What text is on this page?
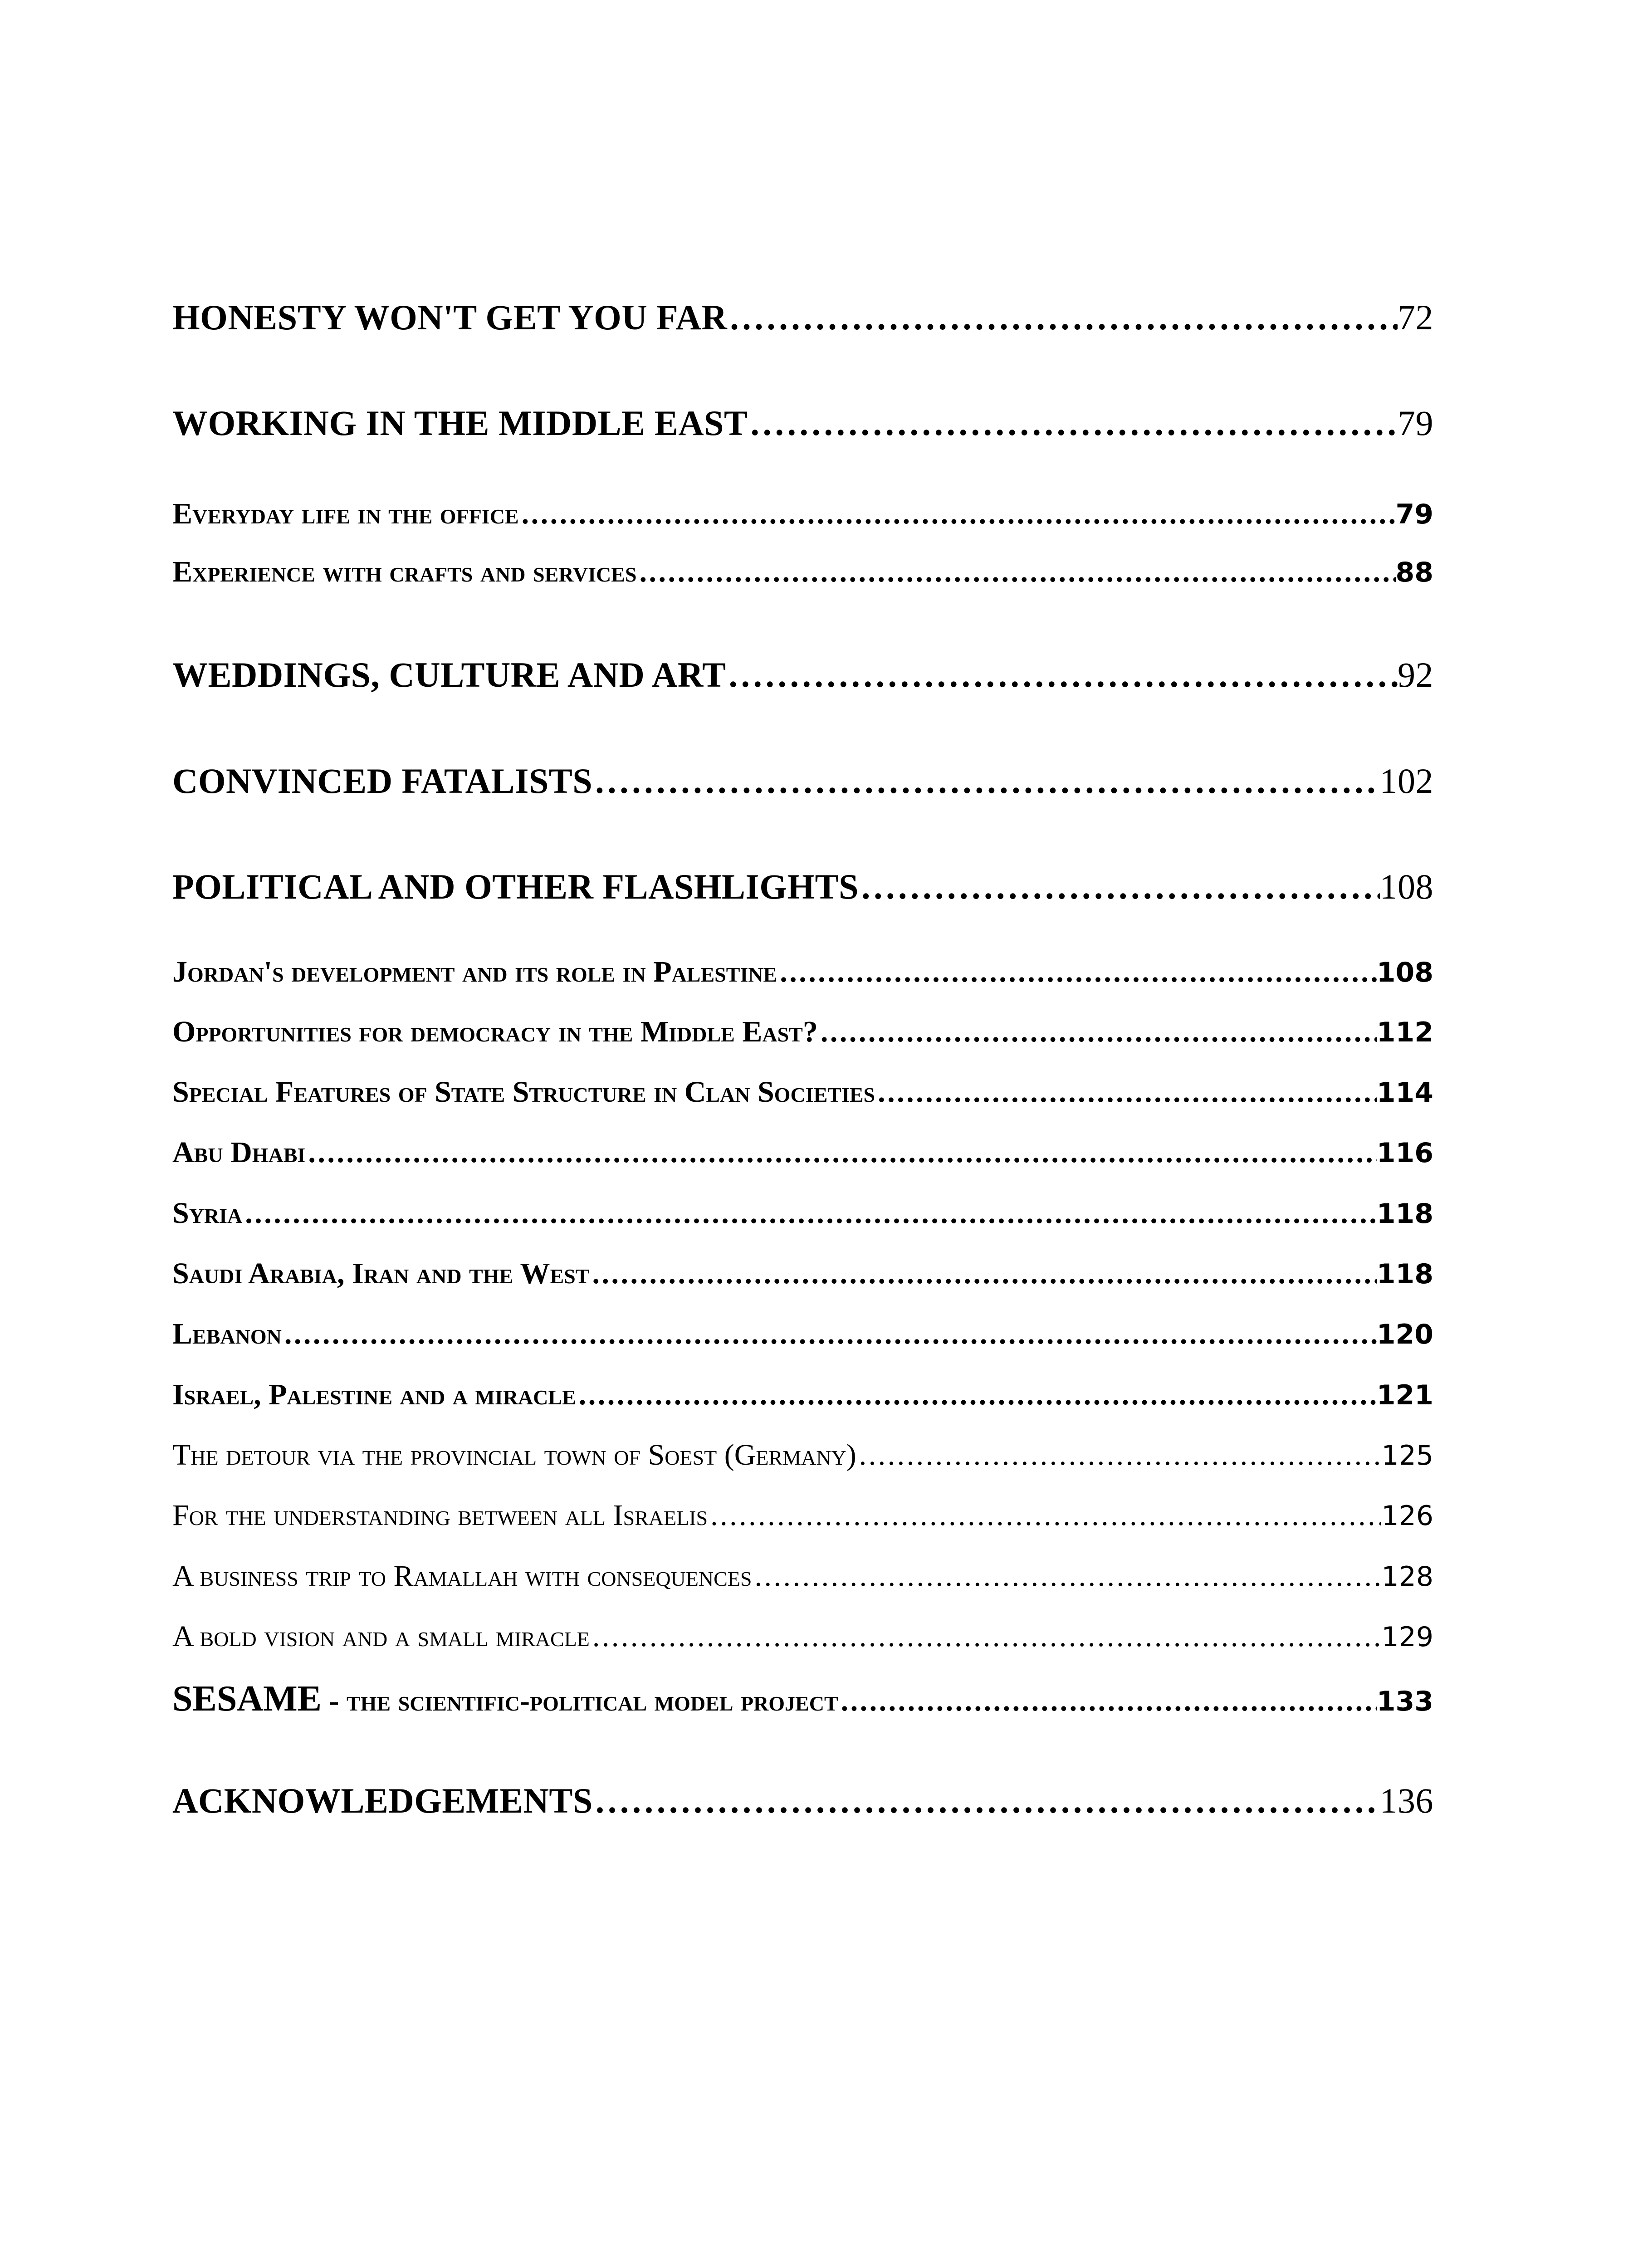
HONESTY WON'T GET YOU FAR . . .	72
WORKING IN THE MIDDLE EAST . . .	79
Everyday life in the office . . .	79
Experience with crafts and services . . .	88
WEDDINGS, CULTURE AND ART . . .	92
CONVINCED FATALISTS . . .	102
POLITICAL AND OTHER FLASHLIGHTS . . .	108
Jordan's development and its role in Palestine . . .	108
Opportunities for democracy in the Middle East? . . .	112
Special Features of State Structure in Clan Societies . . .	114
Abu Dhabi . . .	116
Syria . . .	118
Saudi Arabia, Iran and the West . . .	118
Lebanon . . .	120
Israel, Palestine and a miracle . . .	121
The detour via the provincial town of Soest (Germany) . . .	125
For the understanding between all Israelis . . .	126
A business trip to Ramallah with consequences . . .	128
A bold vision and a small miracle . . .	129
SESAME - the scientific-political model project . . .	133
ACKNOWLEDGEMENTS . . .	136
